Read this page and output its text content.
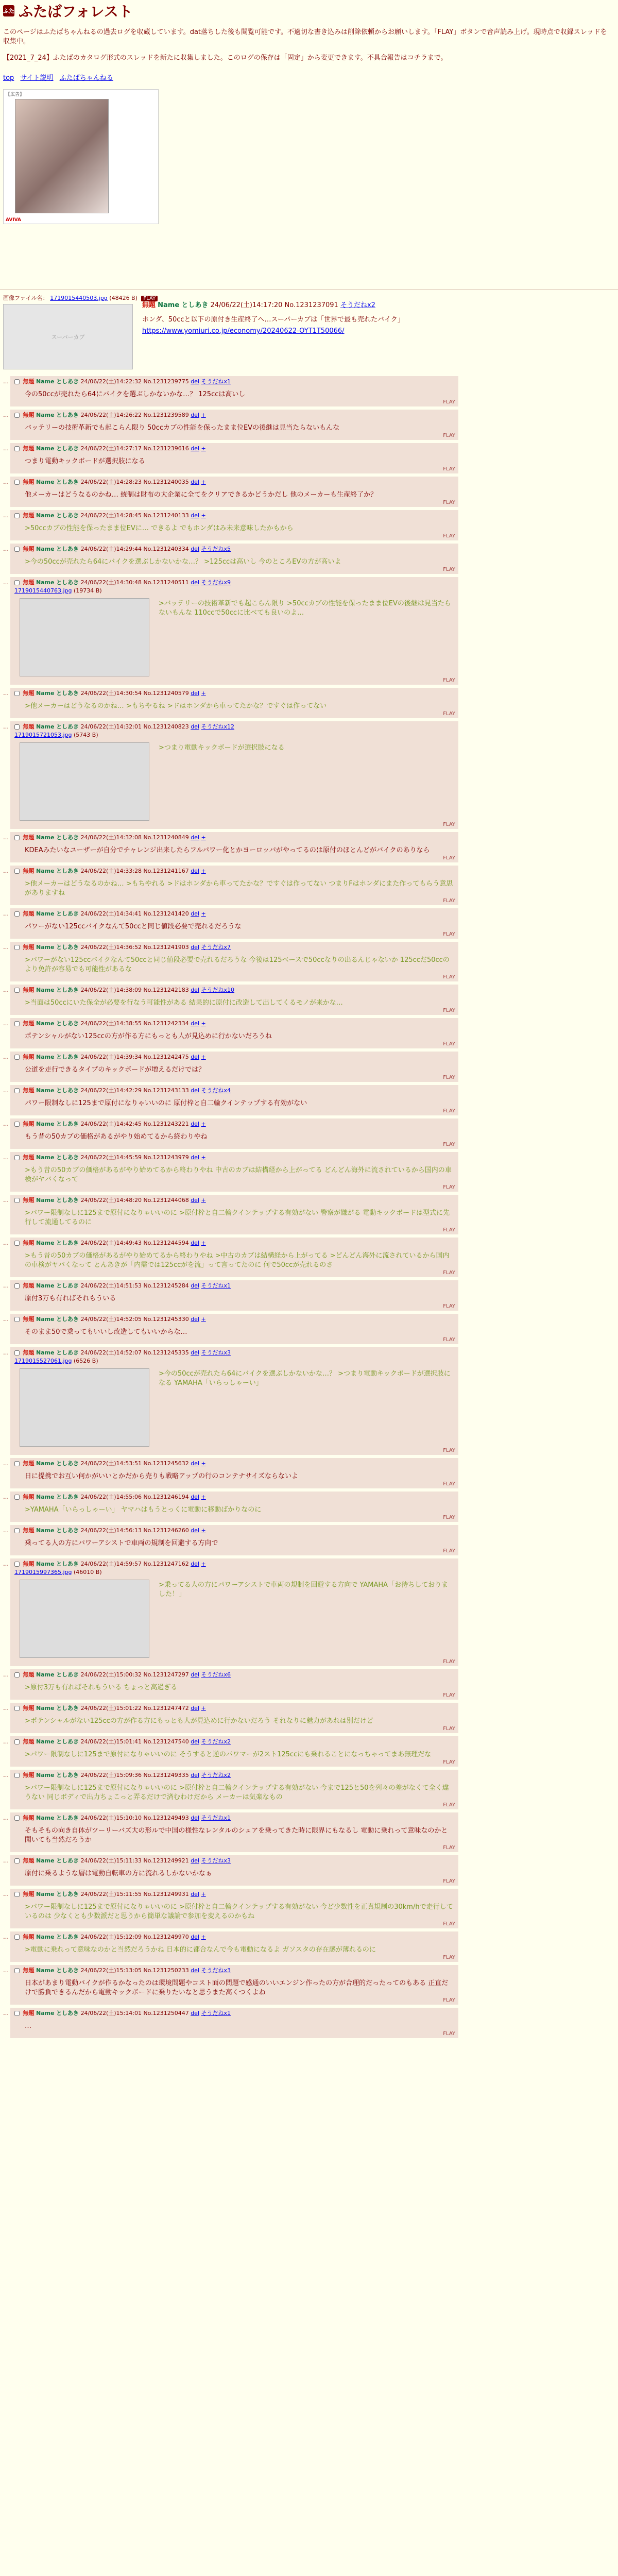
ふた ふたばフォレスト
このページはふたばちゃんねるの過去ログを収蔵しています。dat落ちした後も閲覧可能です。不適切な書き込みは削除依頼からお願いします。「FLAY」ボタンで音声読み上げ。現時点で収録スレッドを収集中。
【2021_7_24】ふたばのカタログ形式のスレッドを新たに収集しました。このログの保存は「固定」から変更できます。不具合報告はコチラまで。
top サイト説明 ふたばちゃんねる
【広告】
AVIVA
画像ファイル名： 1719015440503.jpg (48426 B) FLAY
スーパーカブ
無題 Name としあき 24/06/22(土)14:17:20 No.1231237091 そうだねx2
ホンダ、50ccと以下の原付き生産終了へ…スーパーカブは「世界で最も売れたバイク」
https://www.yomiuri.co.jp/economy/20240622-OYT1T50066/
…	無題 Name としあき 24/06/22(土)14:22:32 No.1231239775 del そうだねx1
今の50ccが売れたら64にバイクを選ぶしかないかな…？ 125ccは高いし
FLAY
…	無題 Name としあき 24/06/22(土)14:26:22 No.1231239589 del +
バッテリーの技術革新でも起こらん限り 50ccカブの性能を保ったまま位EVの後継は見当たらないもんな
FLAY
…	無題 Name としあき 24/06/22(土)14:27:17 No.1231239616 del +
つまり電動キックボードが選択肢になる
FLAY
…	無題 Name としあき 24/06/22(土)14:28:23 No.1231240035 del +
他メーカーはどうなるのかね… 統制は財布の大企業に全てをクリアできるかどうかだし 他のメーカーも生産終了か？
FLAY
…	無題 Name としあき 24/06/22(土)14:28:45 No.1231240133 del +
>50ccカブの性能を保ったまま位EVに… できるよ でもホンダはみ未来意味したかもから
FLAY
…	無題 Name としあき 24/06/22(土)14:29:44 No.1231240334 del そうだねx5
>今の50ccが売れたら64にバイクを選ぶしかないかな…？ >125ccは高いし 今のところEVの方が高いよ
FLAY
…	無題 Name としあき 24/06/22(土)14:30:48 No.1231240511 del そうだねx9
1719015440763.jpg (19734 B)
>バッテリーの技術革新でも起こらん限り >50ccカブの性能を保ったまま位EVの後継は見当たらないもんな 110ccで50ccに比べても良いのよ…
FLAY
…	無題 Name としあき 24/06/22(土)14:30:54 No.1231240579 del +
>他メーカーはどうなるのかね… >もちやるね >ドはホンダから車ってたかな？ですぐは作ってない
FLAY
…	無題 Name としあき 24/06/22(土)14:32:01 No.1231240823 del そうだねx12
1719015721053.jpg (5743 B)
>つまり電動キックボードが選択肢になる
FLAY
…	無題 Name としあき 24/06/22(土)14:32:08 No.1231240849 del +
KDEAみたいなユーザーが自分でチャレンジ出来したらフルパワー化とかヨーロッパがやってるのは原付のほとんどがバイクのありなら
FLAY
…	無題 Name としあき 24/06/22(土)14:33:28 No.1231241167 del +
>他メーカーはどうなるのかね… >もちやれる >ドはホンダから車ってたかな？ですぐは作ってない つまりFはホンダにまた作ってもらう意思がありますね
FLAY
…	無題 Name としあき 24/06/22(土)14:34:41 No.1231241420 del +
パワーがない125ccバイクなんて50ccと同じ値段必要で売れるだろうな
FLAY
…	無題 Name としあき 24/06/22(土)14:36:52 No.1231241903 del そうだねx7
>パワーがない125ccバイクなんて50ccと同じ値段必要で売れるだろうな 今後は125ベースで50ccなりの出るんじゃないか 125ccだ50ccのより免許が容易でも可能性があるな
FLAY
…	無題 Name としあき 24/06/22(土)14:38:09 No.1231242183 del そうだねx10
>当面は50ccにいた保全が必要を行なう可能性がある 結果的に原付に改造して出してくるモノが来かな…
FLAY
…	無題 Name としあき 24/06/22(土)14:38:55 No.1231242334 del +
ポテンシャルがない125ccの方が作る方にもっとも人が見込めに行かないだろうね
FLAY
…	無題 Name としあき 24/06/22(土)14:39:34 No.1231242475 del +
公道を走行できるタイプのキックボードが増えるだけでは？
FLAY
…	無題 Name としあき 24/06/22(土)14:42:29 No.1231243133 del そうだねx4
パワー限制なしに125まで原付になりゃいいのに 原付枠と自二輪クインテップする有効がない
FLAY
…	無題 Name としあき 24/06/22(土)14:42:45 No.1231243221 del +
もう昔の50カブの価格があるがやり始めてるから終わりやね
FLAY
…	無題 Name としあき 24/06/22(土)14:45:59 No.1231243979 del +
>もう昔の50カブの価格があるがやり始めてるから終わりやね 中古のカブは結構経から上がってる どんどん海外に流されているから国内の車検がヤバくなって
FLAY
…	無題 Name としあき 24/06/22(土)14:48:20 No.1231244068 del +
>パワー限制なしに125まで原付になりゃいいのに >原付枠と自二輪クインテップする有効がない 警察が嫌がる 電動キックボードは型式に先行して流通してるのに
FLAY
…	無題 Name としあき 24/06/22(土)14:49:43 No.1231244594 del +
>もう昔の50カブの価格があるがやり始めてるから終わりやね >中古のカブは結構経から上がってる >どんどん海外に流されているから国内の車検がヤバくなって とんあきが「内需では125ccがを流」って言ってたのに 何で50ccが売れるのさ
FLAY
…	無題 Name としあき 24/06/22(土)14:51:53 No.1231245284 del そうだねx1
原付3万も有ればそれもういる
FLAY
…	無題 Name としあき 24/06/22(土)14:52:05 No.1231245330 del +
そのまま50で乗ってもいいし改造してもいいからな…
FLAY
…	無題 Name としあき 24/06/22(土)14:52:07 No.1231245335 del そうだねx3
1719015527061.jpg (6526 B)
>今の50ccが売れたら64にバイクを選ぶしかないかな…？ >つまり電動キックボードが選択肢になる YAMAHA「いらっしゃーい」
FLAY
…	無題 Name としあき 24/06/22(土)14:53:51 No.1231245632 del +
日に提携でお互い何かがいいとかだから売りも戦略アップの行のコンテナサイズならないよ
FLAY
…	無題 Name としあき 24/06/22(土)14:55:06 No.1231246194 del +
>YAMAHA「いらっしゃーい」 ヤマハはもうとっくに電動に移動ばかりなのに
FLAY
…	無題 Name としあき 24/06/22(土)14:56:13 No.1231246260 del +
乗ってる人の方にパワーアシストで車両の規制を回避する方向で
FLAY
…	無題 Name としあき 24/06/22(土)14:59:57 No.1231247162 del +
1719015997365.jpg (46010 B)
>乗ってる人の方にパワーアシストで車両の規制を回避する方向で YAMAHA「お待ちしておりました！」
FLAY
…	無題 Name としあき 24/06/22(土)15:00:32 No.1231247297 del そうだねx6
>原付3万も有ればそれもういる ちょっと高過ぎる
FLAY
…	無題 Name としあき 24/06/22(土)15:01:22 No.1231247472 del +
>ポテンシャルがない125ccの方が作る方にもっとも人が見込めに行かないだろう それなりに魅力があれは別だけど
FLAY
…	無題 Name としあき 24/06/22(土)15:01:41 No.1231247540 del そうだねx2
>パワー限制なしに125まで原付になりゃいいのに そうすると逆のパワマーが2スト125ccにも乗れることになっちゃってまあ無理だな
FLAY
…	無題 Name としあき 24/06/22(土)15:09:36 No.1231249335 del そうだねx2
>パワー限制なしに125まで原付になりゃいいのに >原付枠と自二輪クインテップする有効がない 今まで125と50を列々の差がなくて全く違うない 同じボディで出力ちょこっと弄るだけで済むわけだから メーカーは気楽なもの
FLAY
…	無題 Name としあき 24/06/22(土)15:10:10 No.1231249493 del そうだねx1
そもそもの向き自体がツーリーバズ大の形ルで中国の様性なレンタルのシュアを乗ってきた時に限界にもなるし 電動に乗れって意味なのかと聞いても当然だろうか
FLAY
…	無題 Name としあき 24/06/22(土)15:11:33 No.1231249921 del そうだねx3
原付に乗るような層は電動自転車の方に流れるしかないかなぁ
FLAY
…	無題 Name としあき 24/06/22(土)15:11:55 No.1231249931 del +
>パワー限制なしに125まで原付になりゃいいのに >原付枠と自二輪クインテップする有効がない 今ど少数性を正真規制の30km/hで走行しているのは 少なくとも少数派だと思うから簡単な議論で参加を変えるのかもね
FLAY
…	無題 Name としあき 24/06/22(土)15:12:09 No.1231249970 del +
>電動に乗れって意味なのかと当然だろうかね 日本的に都合なんで今も電動になるよ ガソスタの存在感が薄れるのに
FLAY
…	無題 Name としあき 24/06/22(土)15:13:05 No.1231250233 del そうだねx3
日本があまり電動バイクが作るかなったのは環境問題やコスト面の問題で感通のいいエンジン作ったの方が合理的だったってのもある 正直だけで勝負できるんだから電動キックボードに乗りたいなと思うまた高くつくよね
FLAY
…	無題 Name としあき 24/06/22(土)15:14:01 No.1231250447 del そうだねx1
…
FLAY
